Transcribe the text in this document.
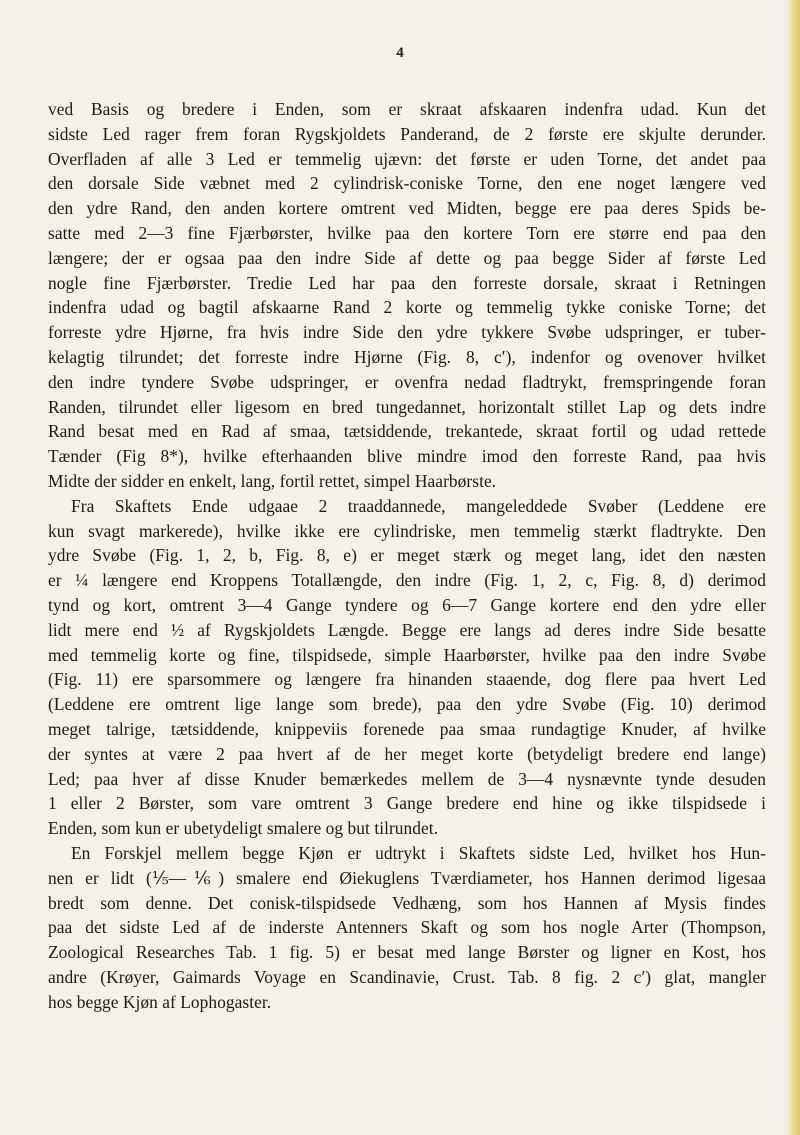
4
ved Basis og bredere i Enden, som er skraat afskaaren indenfra udad. Kun det
sidste Led rager frem foran Rygskjoldets Panderand, de 2 første ere skjulte derunder.
Overfladen af alle 3 Led er temmelig ujævn: det første er uden Torne, det andet paa
den dorsale Side væbnet med 2 cylindrisk-coniske Torne, den ene noget længere ved
den ydre Rand, den anden kortere omtrent ved Midten, begge ere paa deres Spids be-
satte med 2—3 fine Fjærbørster, hvilke paa den kortere Torn ere større end paa den
længere; der er ogsaa paa den indre Side af dette og paa begge Sider af første Led
nogle fine Fjærbørster. Tredie Led har paa den forreste dorsale, skraat i Retningen
indenfra udad og bagtil afskaarne Rand 2 korte og temmelig tykke coniske Torne; det
forreste ydre Hjørne, fra hvis indre Side den ydre tykkere Svøbe udspringer, er tuber-
kelagtig tilrundet; det forreste indre Hjørne (Fig. 8, c′), indenfor og ovenover hvilket
den indre tyndere Svøbe udspringer, er ovenfra nedad fladtrykt, fremspringende foran
Randen, tilrundet eller ligesom en bred tungedannet, horizontalt stillet Lap og dets indre
Rand besat med en Rad af smaa, tætsiddende, trekantede, skraat fortil og udad rettede
Tænder (Fig 8*), hvilke efterhaanden blive mindre imod den forreste Rand, paa hvis
Midte der sidder en enkelt, lang, fortil rettet, simpel Haarbørste.
Fra Skaftets Ende udgaae 2 traaddannede, mangeleddede Svøber (Leddene ere
kun svagt markerede), hvilke ikke ere cylindriske, men temmelig stærkt fladtrykte. Den
ydre Svøbe (Fig. 1, 2, b, Fig. 8, e) er meget stærk og meget lang, idet den næsten
er ¼ længere end Kroppens Totallængde, den indre (Fig. 1, 2, c, Fig. 8, d) derimod
tynd og kort, omtrent 3—4 Gange tyndere og 6—7 Gange kortere end den ydre eller
lidt mere end ½ af Rygskjoldets Længde. Begge ere langs ad deres indre Side besatte
med temmelig korte og fine, tilspidsede, simple Haarbørster, hvilke paa den indre Svøbe
(Fig. 11) ere sparsommere og længere fra hinanden staaende, dog flere paa hvert Led
(Leddene ere omtrent lige lange som brede), paa den ydre Svøbe (Fig. 10) derimod
meget talrige, tætsiddende, knippeviis forenede paa smaa rundagtige Knuder, af hvilke
der syntes at være 2 paa hvert af de her meget korte (betydeligt bredere end lange)
Led; paa hver af disse Knuder bemærkedes mellem de 3—4 nysnævnte tynde desuden
1 eller 2 Børster, som vare omtrent 3 Gange bredere end hine og ikke tilspidsede i
Enden, som kun er ubetydeligt smalere og but tilrundet.
En Forskjel mellem begge Kjøn er udtrykt i Skaftets sidste Led, hvilket hos Hun-
nen er lidt (⅕—⅙) smalere end Øiekuglens Tværdiameter, hos Hannen derimod ligesaa
bredt som denne. Det conisk-tilspidsede Vedhæng, som hos Hannen af Mysis findes
paa det sidste Led af de inderste Antenners Skaft og som hos nogle Arter (Thompson,
Zoological Researches Tab. 1 fig. 5) er besat med lange Børster og ligner en Kost, hos
andre (Krøyer, Gaimards Voyage en Scandinavie, Crust. Tab. 8 fig. 2 c′) glat, mangler
hos begge Kjøn af Lophogaster.
